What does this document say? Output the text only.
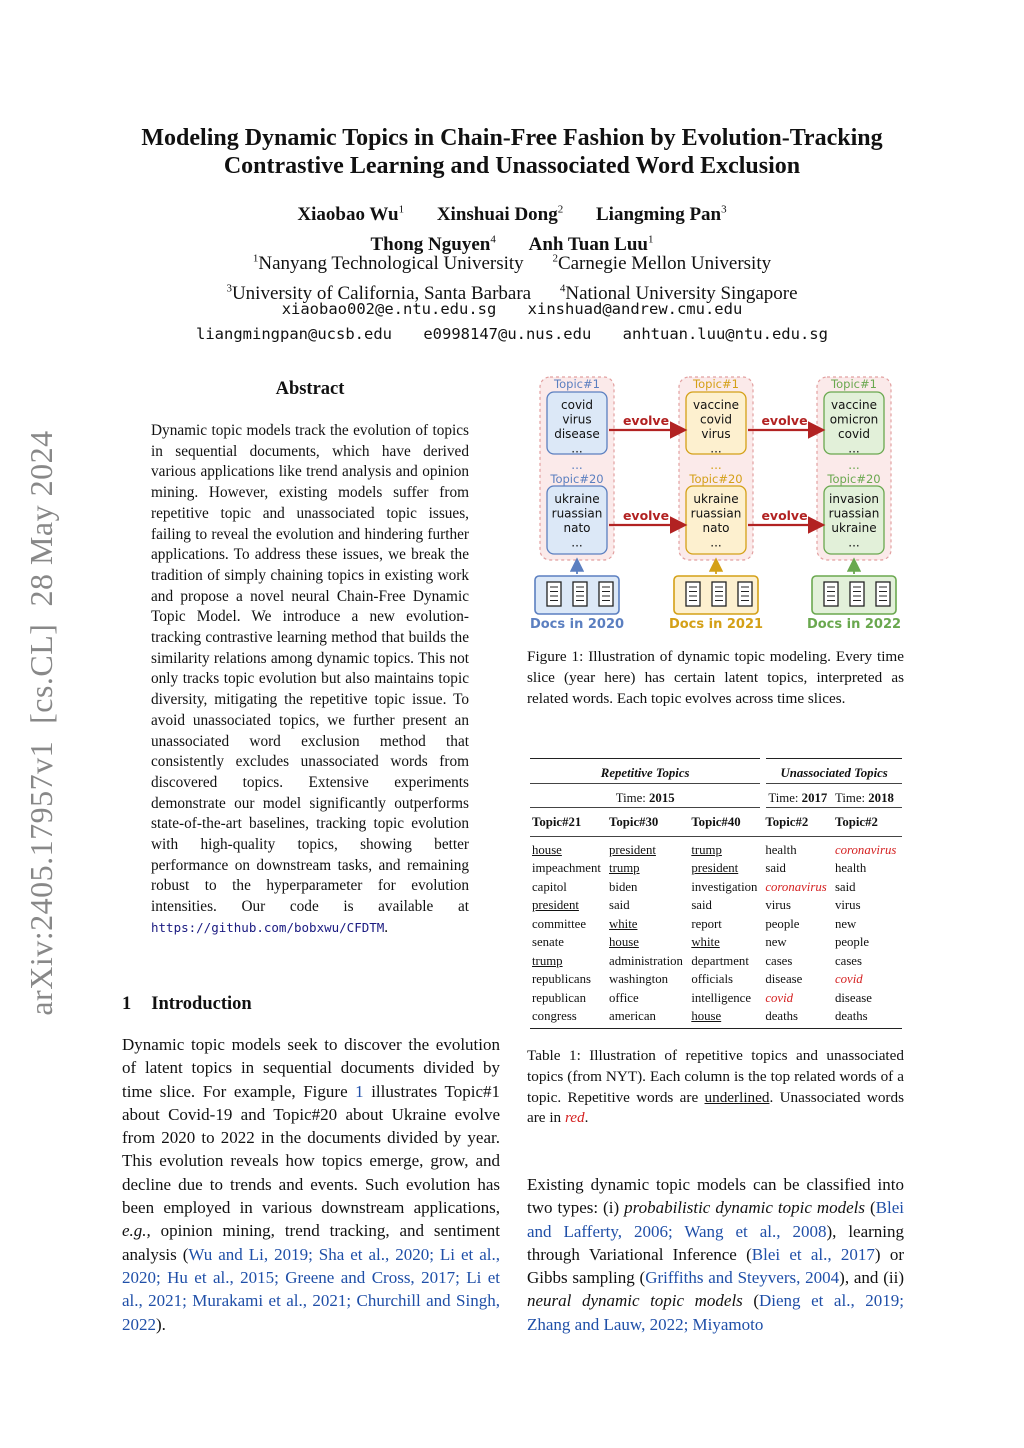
Modeling Dynamic Topics in Chain-Free Fashion by Evolution-Tracking
Contrastive Learning and Unassociated Word Exclusion
Xiaobao Wu$^1$ Xinshuai Dong$^2$ Liangming Pan$^3$
Thong Nguyen$^4$ Anh Tuan Luu$^1$
$^1$Nanyang Technological University	$^2$Carnegie Mellon University
$^3$University of California, Santa Barbara	$^4$National University Singapore
xiaobao002@e.ntu.edu.sg xinshuad@andrew.cmu.edu
liangmingpan@ucsb.edu e0998147@u.nus.edu anhtuan.luu@ntu.edu.sg
arXiv:2405.17957v1  [cs.CL]  28 May 2024
Abstract
Dynamic topic models track the evolution of topics in sequential documents, which have derived various applications like trend analysis and opinion mining. However, existing models suffer from repetitive topic and unassociated topic issues, failing to reveal the evolution and hindering further applications. To address these issues, we break the tradition of simply chaining topics in existing work and propose a novel neural Chain-Free Dynamic Topic Model. We introduce a new evolution-tracking contrastive learning method that builds the similarity relations among dynamic topics. This not only tracks topic evolution but also maintains topic diversity, mitigating the repetitive topic issue. To avoid unassociated topics, we further present an unassociated word exclusion method that consistently excludes unassociated words from discovered topics. Extensive experiments demonstrate our model significantly outperforms state-of-the-art baselines, tracking topic evolution with high-quality topics, showing better performance on downstream tasks, and remaining robust to the hyperparameter for evolution intensities. Our code is available at https://github.com/bobxwu/CFDTM.
1 Introduction
Dynamic topic models seek to discover the evolution of latent topics in sequential documents divided by time slice. For example, Figure 1 illustrates Topic#1 about Covid-19 and Topic#20 about Ukraine evolve from 2020 to 2022 in the documents divided by year. This evolution reveals how topics emerge, grow, and decline due to trends and events. Such evolution has been employed in various downstream applications, e.g., opinion mining, trend tracking, and sentiment analysis (Wu and Li, 2019; Sha et al., 2020; Li et al., 2020; Hu et al., 2015; Greene and Cross, 2017; Li et al., 2021; Murakami et al., 2021; Churchill and Singh, 2022).
Topic#1
covid
virus
disease
...
...
Topic#20
ukraine
ruassian
nato
...
Docs in 2020
Topic#1
vaccine
covid
virus
...
...
Topic#20
ukraine
ruassian
nato
...
Docs in 2021
Topic#1
vaccine
omicron
covid
...
...
Topic#20
invasion
ruassian
ukraine
...
Docs in 2022
evolve
evolve
evolve
evolve
Figure 1: Illustration of dynamic topic modeling. Every time slice (year here) has certain latent topics, interpreted as related words. Each topic evolves across time slices.
Repetitive Topics			Unassociated Topics	
Time: 2015			Time: 2017	Time: 2018
Topic#21	Topic#30	Topic#40	Topic#2	Topic#2
house	president	trump	health	coronavirus
impeachment	trump	president	said	health
capitol	biden	investigation	coronavirus	said
president	said	said	virus	virus
committee	white	report	people	new
senate	house	white	new	people
trump	administration	department	cases	cases
republicans	washington	officials	disease	covid
republican	office	intelligence	covid	disease
congress	american	house	deaths	deaths
Table 1: Illustration of repetitive topics and unassociated topics (from NYT). Each column is the top related words of a topic. Repetitive words are underlined. Unassociated words are in red.
Existing dynamic topic models can be classified into two types: (i) probabilistic dynamic topic models (Blei and Lafferty, 2006; Wang et al., 2008), learning through Variational Inference (Blei et al., 2017) or Gibbs sampling (Griffiths and Steyvers, 2004), and (ii) neural dynamic topic models (Dieng et al., 2019; Zhang and Lauw, 2022; Miyamoto
